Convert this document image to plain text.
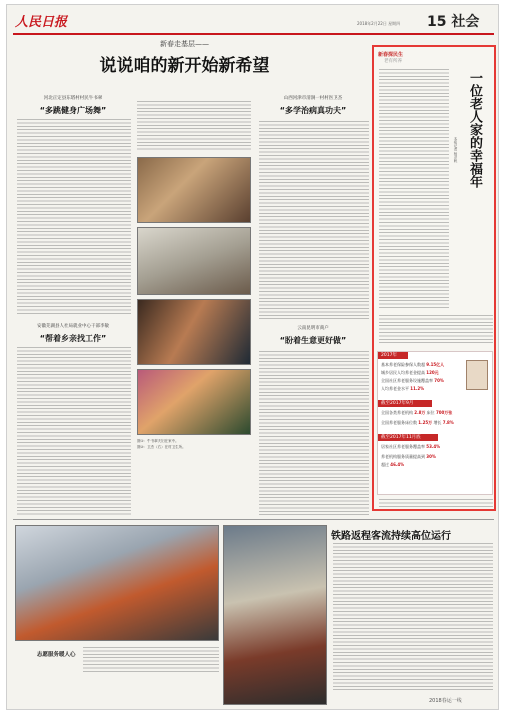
人民日报	2018年2月22日 星期四 15 社会
新春走基层——
说说咱的新开始新希望
河北正定县东塔村村民牛书翠
“多跳健身广场舞”
安徽芜湖县人社局就业中心干部李敏
“帮着乡亲找工作”
图①：牛书翠夫妇在家中。
图②：卫杰（右）在村卫生所。
山西河津市清涧一村村医卫杰
“多学治病真功夫”
云南昆明市商户
“盼着生意更好做”
新春探民生
老有所养
一位老人家的幸福年
本报记者 杨彦帆
2017年
基本养老保险参保人数超 9.15亿人
城乡居民人均养老金提高 120元
全国社区养老服务设施覆盖率 70%
人均养老金水平 11.2%
截至2017年9月
全国各类养老机构 2.8万 床位 700万张
全国养老服务床位数 1.25万 增长 7.8%
截至2017年11月底
居家社区养老服务覆盖率 53.4%
养老机构服务质量提高到 30%
超过 46.4%
志愿服务暖人心
铁路返程客流持续高位运行
2018春运一线
